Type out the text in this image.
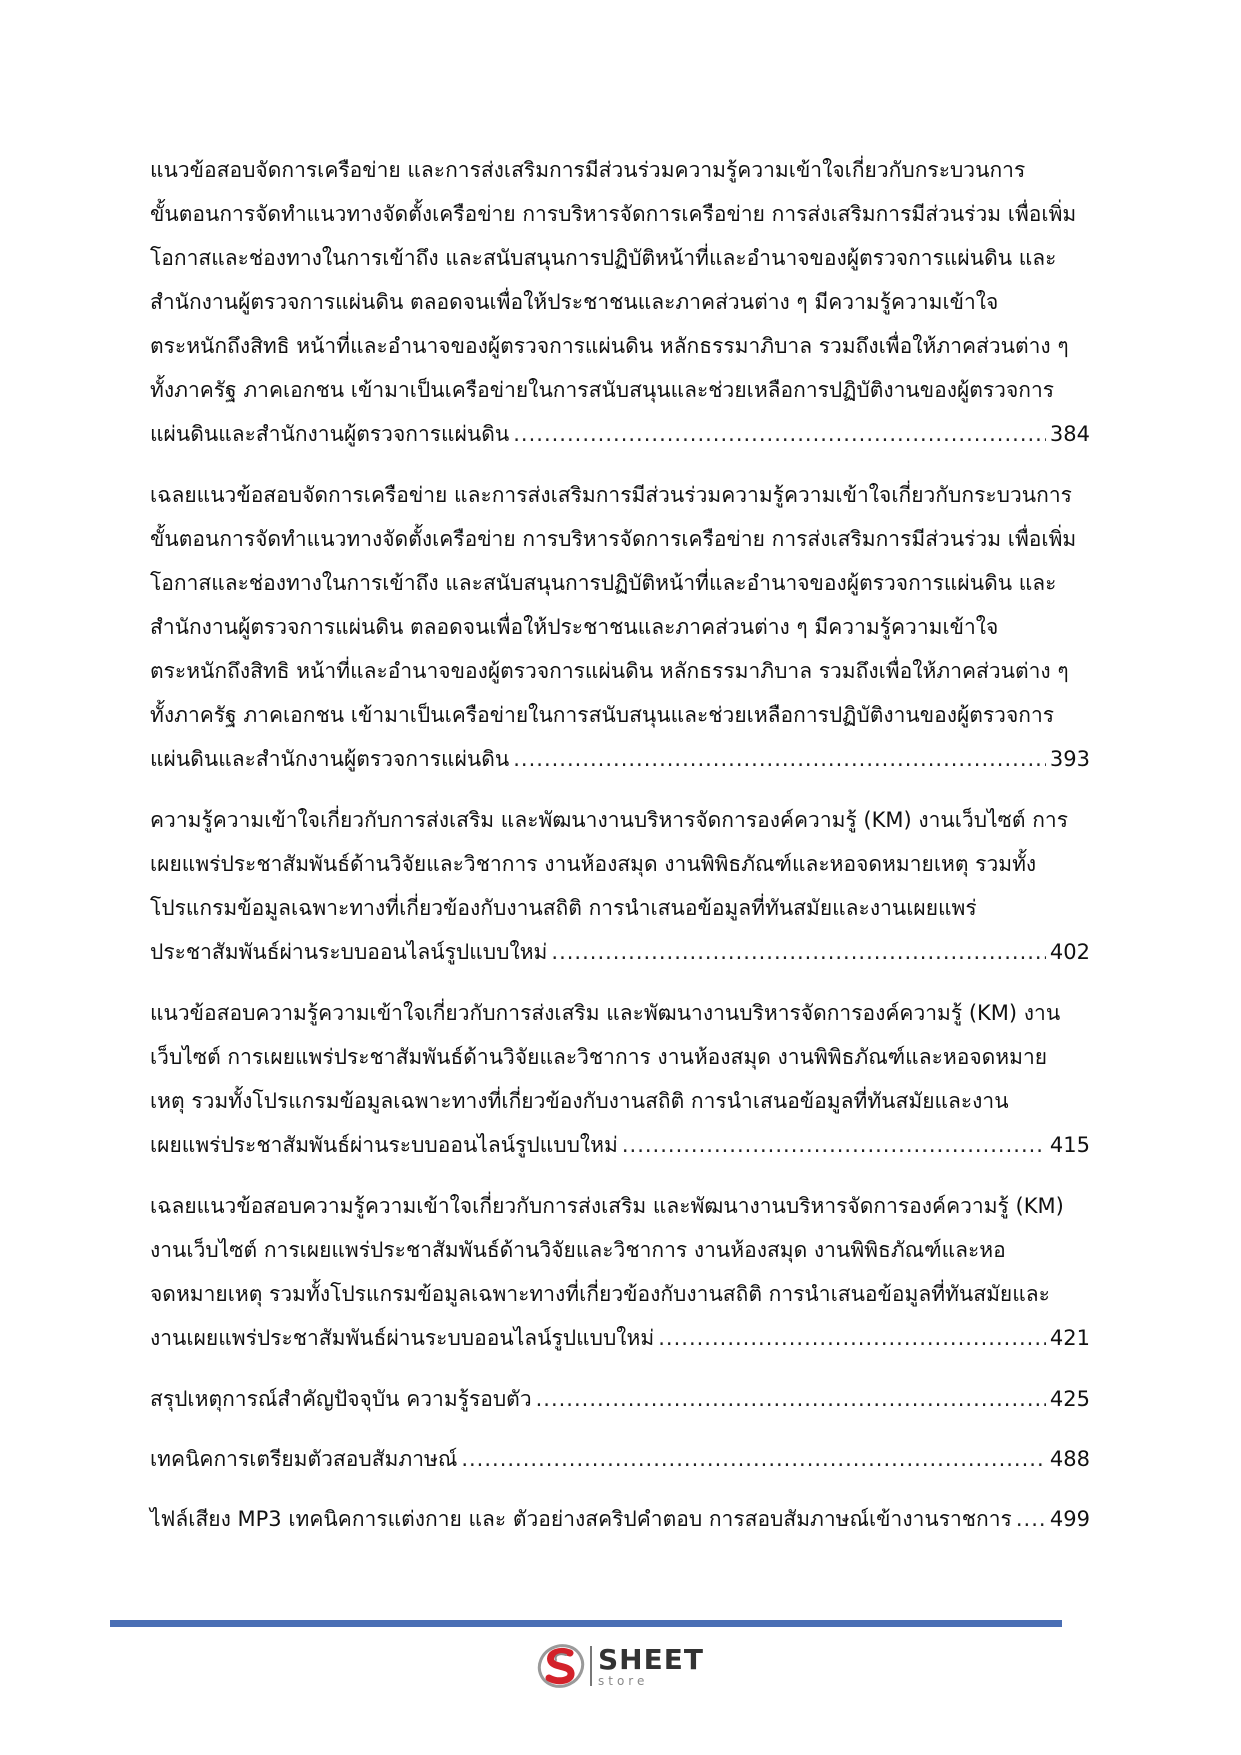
แนวข้อสอบจัดการเครือข่าย และการส่งเสริมการมีส่วนร่วมความรู้ความเข้าใจเกี่ยวกับกระบวนการ
ขั้นตอนการจัดทำแนวทางจัดตั้งเครือข่าย การบริหารจัดการเครือข่าย การส่งเสริมการมีส่วนร่วม เพื่อเพิ่ม
โอกาสและช่องทางในการเข้าถึง และสนับสนุนการปฏิบัติหน้าที่และอำนาจของผู้ตรวจการแผ่นดิน และ
สำนักงานผู้ตรวจการแผ่นดิน ตลอดจนเพื่อให้ประชาชนและภาคส่วนต่าง ๆ มีความรู้ความเข้าใจ
ตระหนักถึงสิทธิ หน้าที่และอำนาจของผู้ตรวจการแผ่นดิน หลักธรรมาภิบาล รวมถึงเพื่อให้ภาคส่วนต่าง ๆ
ทั้งภาครัฐ ภาคเอกชน เข้ามาเป็นเครือข่ายในการสนับสนุนและช่วยเหลือการปฏิบัติงานของผู้ตรวจการ
แผ่นดินและสำนักงานผู้ตรวจการแผ่นดิน .....	384
เฉลยแนวข้อสอบจัดการเครือข่าย และการส่งเสริมการมีส่วนร่วมความรู้ความเข้าใจเกี่ยวกับกระบวนการ
ขั้นตอนการจัดทำแนวทางจัดตั้งเครือข่าย การบริหารจัดการเครือข่าย การส่งเสริมการมีส่วนร่วม เพื่อเพิ่ม
โอกาสและช่องทางในการเข้าถึง และสนับสนุนการปฏิบัติหน้าที่และอำนาจของผู้ตรวจการแผ่นดิน และ
สำนักงานผู้ตรวจการแผ่นดิน ตลอดจนเพื่อให้ประชาชนและภาคส่วนต่าง ๆ มีความรู้ความเข้าใจ
ตระหนักถึงสิทธิ หน้าที่และอำนาจของผู้ตรวจการแผ่นดิน หลักธรรมาภิบาล รวมถึงเพื่อให้ภาคส่วนต่าง ๆ
ทั้งภาครัฐ ภาคเอกชน เข้ามาเป็นเครือข่ายในการสนับสนุนและช่วยเหลือการปฏิบัติงานของผู้ตรวจการ
แผ่นดินและสำนักงานผู้ตรวจการแผ่นดิน .....	393
ความรู้ความเข้าใจเกี่ยวกับการส่งเสริม และพัฒนางานบริหารจัดการองค์ความรู้ (KM) งานเว็บไซต์ การ
เผยแพร่ประชาสัมพันธ์ด้านวิจัยและวิชาการ งานห้องสมุด งานพิพิธภัณฑ์และหอจดหมายเหตุ รวมทั้ง
โปรแกรมข้อมูลเฉพาะทางที่เกี่ยวข้องกับงานสถิติ การนำเสนอข้อมูลที่ทันสมัยและงานเผยแพร่
ประชาสัมพันธ์ผ่านระบบออนไลน์รูปแบบใหม่ .....	402
แนวข้อสอบความรู้ความเข้าใจเกี่ยวกับการส่งเสริม และพัฒนางานบริหารจัดการองค์ความรู้ (KM) งาน
เว็บไซต์ การเผยแพร่ประชาสัมพันธ์ด้านวิจัยและวิชาการ งานห้องสมุด งานพิพิธภัณฑ์และหอจดหมาย
เหตุ รวมทั้งโปรแกรมข้อมูลเฉพาะทางที่เกี่ยวข้องกับงานสถิติ การนำเสนอข้อมูลที่ทันสมัยและงาน
เผยแพร่ประชาสัมพันธ์ผ่านระบบออนไลน์รูปแบบใหม่ .....	415
เฉลยแนวข้อสอบความรู้ความเข้าใจเกี่ยวกับการส่งเสริม และพัฒนางานบริหารจัดการองค์ความรู้ (KM)
งานเว็บไซต์ การเผยแพร่ประชาสัมพันธ์ด้านวิจัยและวิชาการ งานห้องสมุด งานพิพิธภัณฑ์และหอ
จดหมายเหตุ รวมทั้งโปรแกรมข้อมูลเฉพาะทางที่เกี่ยวข้องกับงานสถิติ การนำเสนอข้อมูลที่ทันสมัยและ
งานเผยแพร่ประชาสัมพันธ์ผ่านระบบออนไลน์รูปแบบใหม่ .....	421
สรุปเหตุการณ์สำคัญปัจจุบัน ความรู้รอบตัว .....	425
เทคนิคการเตรียมตัวสอบสัมภาษณ์ .....	488
ไฟล์เสียง MP3 เทคนิคการแต่งกาย และ ตัวอย่างสคริปคำตอบ การสอบสัมภาษณ์เข้างานราชการ ..... 499
SHEET
store
